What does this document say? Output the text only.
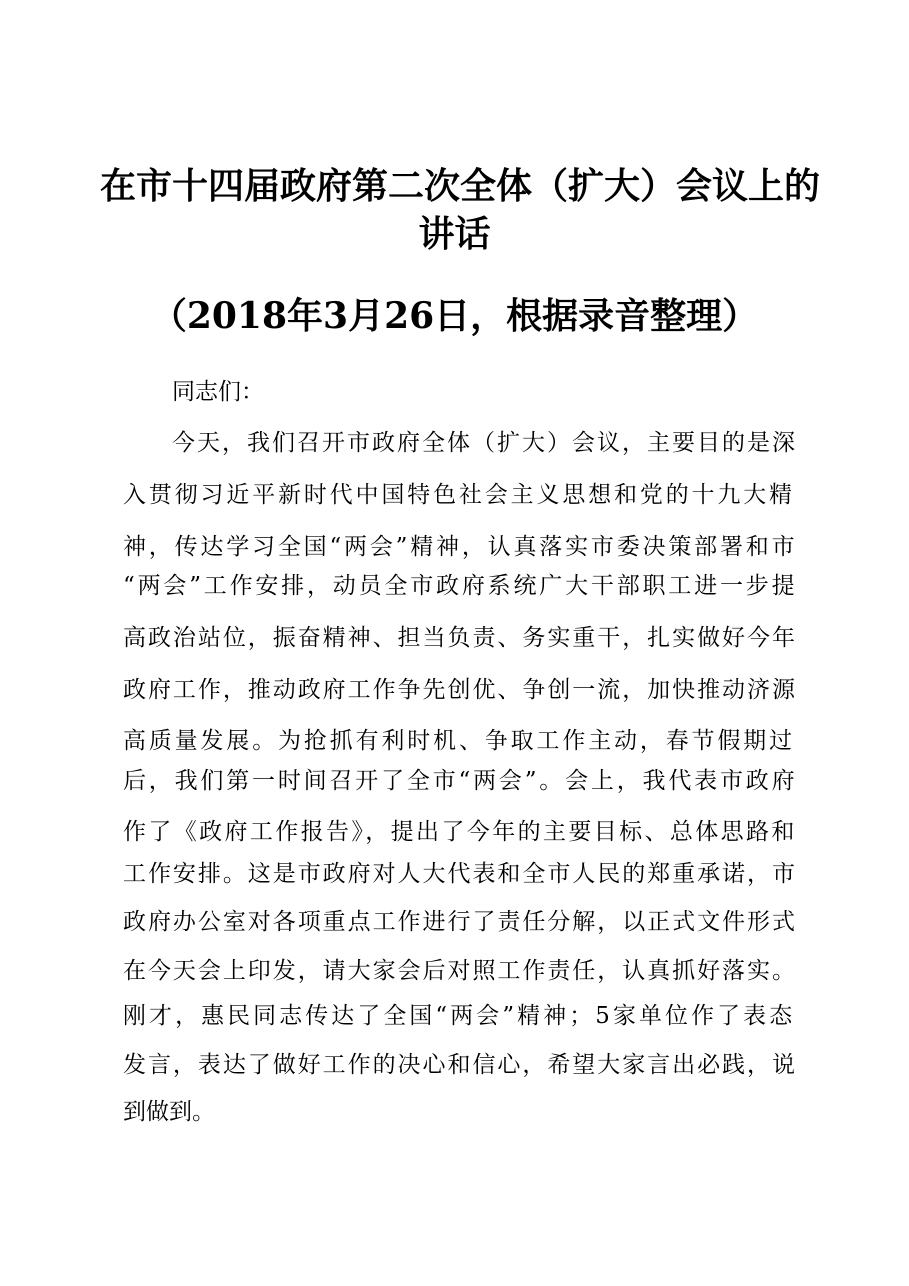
在市十四届政府第二次全体（扩大）会议上的
讲话
（2018年3月26日，根据录音整理）

同志们：

今天，我们召开市政府全体（扩大）会议，主要目的是深

入贯彻习近平新时代中国特色社会主义思想和党的十九大精

神，传达学习全国“两会”精神，认真落实市委决策部署和市

“两会”工作安排，动员全市政府系统广大干部职工进一步提

高政治站位，振奋精神、担当负责、务实重干，扎实做好今年

政府工作，推动政府工作争先创优、争创一流，加快推动济源

高质量发展。为抢抓有利时机、争取工作主动，春节假期过

后，我们第一时间召开了全市“两会”。会上，我代表市政府

作了《政府工作报告》，提出了今年的主要目标、总体思路和

工作安排。这是市政府对人大代表和全市人民的郑重承诺，市

政府办公室对各项重点工作进行了责任分解，以正式文件形式

在今天会上印发，请大家会后对照工作责任，认真抓好落实。

刚才，惠民同志传达了全国“两会”精神；5家单位作了表态

发言，表达了做好工作的决心和信心，希望大家言出必践，说

到做到。
